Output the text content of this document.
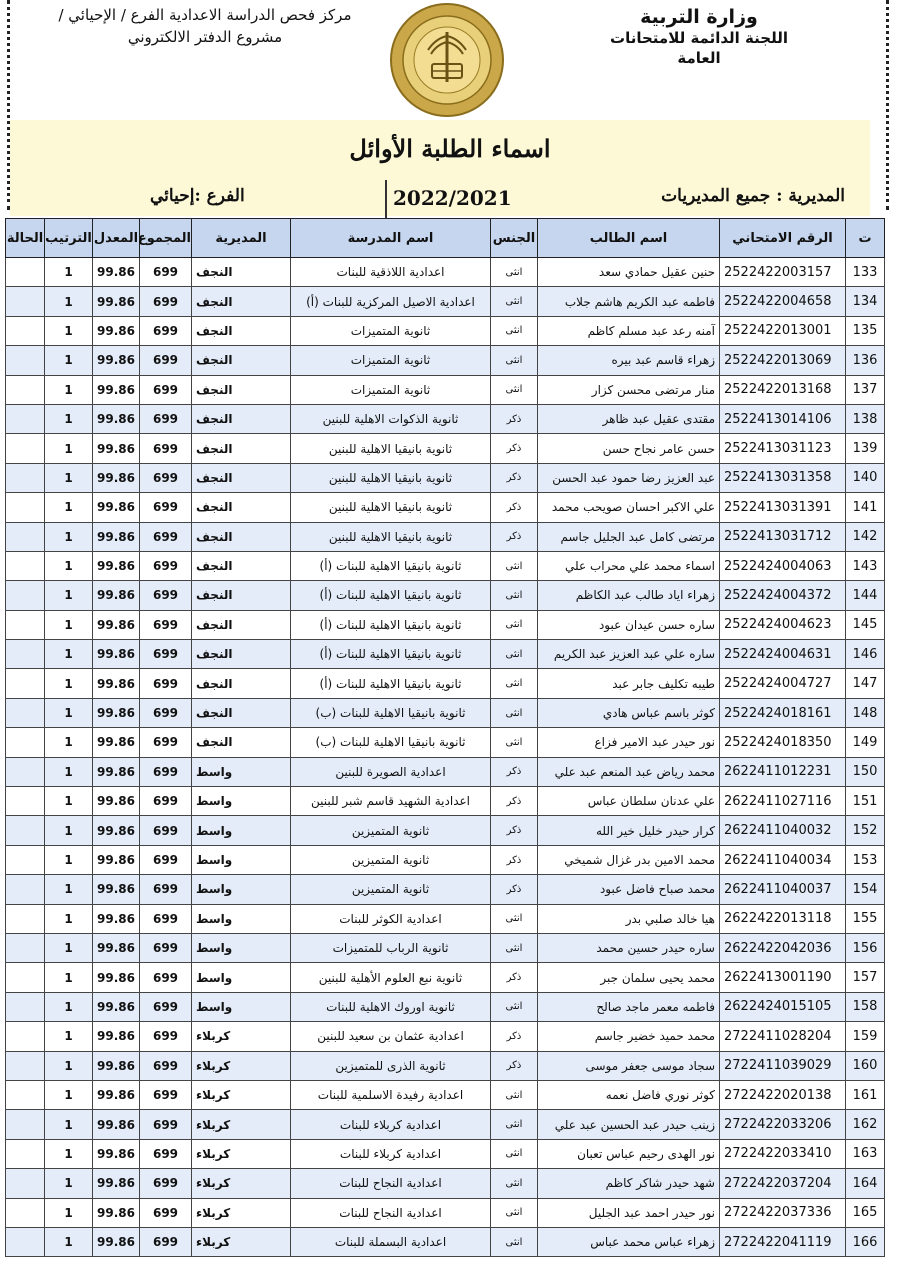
وزارة التربية
اللجنة الدائمة للامتحانات العامة
مركز فحص الدراسة الاعدادية الفرع / الإحيائي /
مشروع الدفتر الالكتروني
اسماء الطلبة الأوائل
المديرية : جميع المديريات
2022/2021
الفرع :إحيائي
ت	الرقم الامتحاني	اسم الطالب	الجنس	اسم المدرسة	المديرية	المجموع	المعدل	الترتيب	الحالة
133	2522422003157	حنين عقيل حمادي سعد	انثى	اعدادية اللاذقية للبنات	النجف	699	99.86	1	
134	2522422004658	فاطمه عبد الكريم هاشم جلاب	انثى	اعدادية الاصيل المركزية للبنات (أ)	النجف	699	99.86	1	
135	2522422013001	آمنه رعد عبد مسلم كاظم	انثى	ثانوية المتميزات	النجف	699	99.86	1	
136	2522422013069	زهراء قاسم عبد بيره	انثى	ثانوية المتميزات	النجف	699	99.86	1	
137	2522422013168	منار مرتضى محسن كزار	انثى	ثانوية المتميزات	النجف	699	99.86	1	
138	2522413014106	مقتدى عقيل عبد ظاهر	ذكر	ثانوية الذكوات الاهلية للبنين	النجف	699	99.86	1	
139	2522413031123	حسن عامر نجاح حسن	ذكر	ثانوية بانيقيا الاهلية للبنين	النجف	699	99.86	1	
140	2522413031358	عبد العزيز رضا حمود عبد الحسن	ذكر	ثانوية بانيقيا الاهلية للبنين	النجف	699	99.86	1	
141	2522413031391	علي الاكبر احسان صويحب محمد	ذكر	ثانوية بانيقيا الاهلية للبنين	النجف	699	99.86	1	
142	2522413031712	مرتضى كامل عبد الجليل جاسم	ذكر	ثانوية بانيقيا الاهلية للبنين	النجف	699	99.86	1	
143	2522424004063	اسماء محمد علي محراب علي	انثى	ثانوية بانيقيا الاهلية للبنات (أ)	النجف	699	99.86	1	
144	2522424004372	زهراء اياد طالب عبد الكاظم	انثى	ثانوية بانيقيا الاهلية للبنات (أ)	النجف	699	99.86	1	
145	2522424004623	ساره حسن عيدان عبود	انثى	ثانوية بانيقيا الاهلية للبنات (أ)	النجف	699	99.86	1	
146	2522424004631	ساره علي عبد العزيز عبد الكريم	انثى	ثانوية بانيقيا الاهلية للبنات (أ)	النجف	699	99.86	1	
147	2522424004727	طيبه تكليف جابر عبد	انثى	ثانوية بانيقيا الاهلية للبنات (أ)	النجف	699	99.86	1	
148	2522424018161	كوثر باسم عباس هادي	انثى	ثانوية بانيقيا الاهلية للبنات (ب)	النجف	699	99.86	1	
149	2522424018350	نور حيدر عبد الامير فزاع	انثى	ثانوية بانيقيا الاهلية للبنات (ب)	النجف	699	99.86	1	
150	2622411012231	محمد رياض عبد المنعم عبد علي	ذكر	اعدادية الصويرة للبنين	واسط	699	99.86	1	
151	2622411027116	علي عدنان سلطان عباس	ذكر	اعدادية الشهيد قاسم شبر للبنين	واسط	699	99.86	1	
152	2622411040032	كرار حيدر خليل خير الله	ذكر	ثانوية المتميزين	واسط	699	99.86	1	
153	2622411040034	محمد الامين بدر غزال شميخي	ذكر	ثانوية المتميزين	واسط	699	99.86	1	
154	2622411040037	محمد صباح فاضل عبود	ذكر	ثانوية المتميزين	واسط	699	99.86	1	
155	2622422013118	هيا خالد صلبي بدر	انثى	اعدادية الكوثر للبنات	واسط	699	99.86	1	
156	2622422042036	ساره حيدر حسين محمد	انثى	ثانوية الرباب للمتميزات	واسط	699	99.86	1	
157	2622413001190	محمد يحيى سلمان جبر	ذكر	ثانوية نبع العلوم الأهلية للبنين	واسط	699	99.86	1	
158	2622424015105	فاطمه معمر ماجد صالح	انثى	ثانوية اوروك الاهلية للبنات	واسط	699	99.86	1	
159	2722411028204	محمد حميد خضير جاسم	ذكر	اعدادية عثمان بن سعيد للبنين	كربلاء	699	99.86	1	
160	2722411039029	سجاد موسى جعفر موسى	ذكر	ثانوية الذرى للمتميزين	كربلاء	699	99.86	1	
161	2722422020138	كوثر نوري فاضل نعمه	انثى	اعدادية رفيدة الاسلمية للبنات	كربلاء	699	99.86	1	
162	2722422033206	زينب حيدر عبد الحسين عبد علي	انثى	اعدادية كربلاء للبنات	كربلاء	699	99.86	1	
163	2722422033410	نور الهدى رحيم عباس تعبان	انثى	اعدادية كربلاء للبنات	كربلاء	699	99.86	1	
164	2722422037204	شهد حيدر شاكر كاظم	انثى	اعدادية النجاح للبنات	كربلاء	699	99.86	1	
165	2722422037336	نور حيدر احمد عبد الجليل	انثى	اعدادية النجاح للبنات	كربلاء	699	99.86	1	
166	2722422041119	زهراء عباس محمد عباس	انثى	اعدادية البسملة للبنات	كربلاء	699	99.86	1	
